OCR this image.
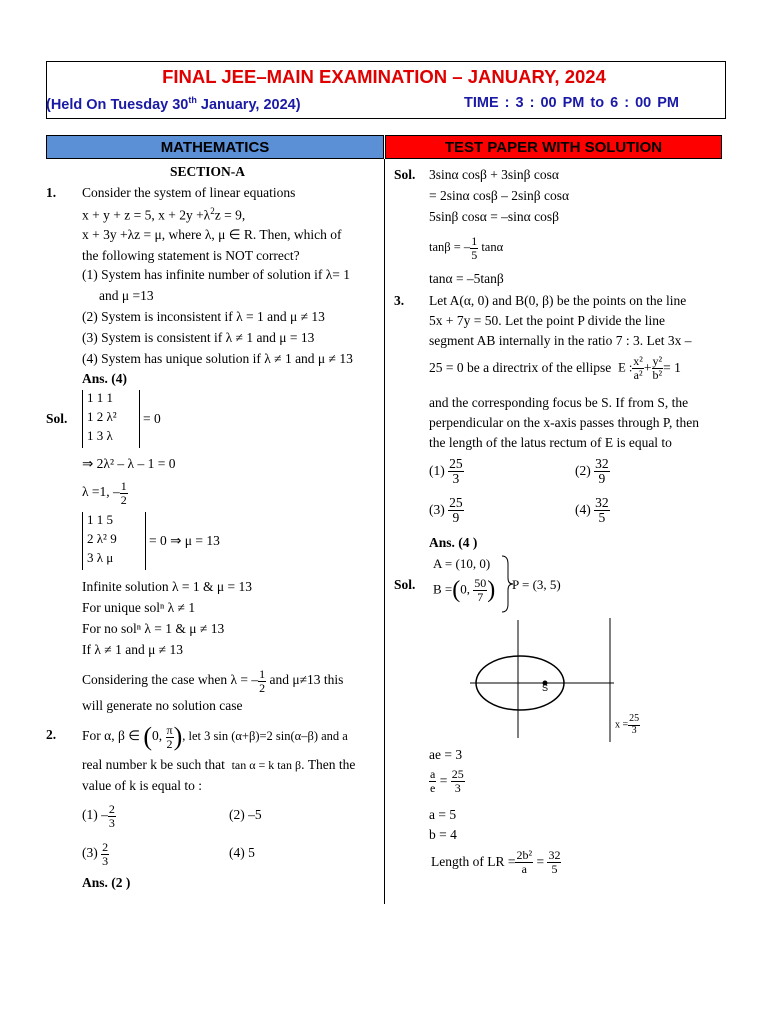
FINAL JEE–MAIN EXAMINATION – JANUARY, 2024
(Held On Tuesday 30th January, 2024)	TIME : 3 : 00 PM to 6 : 00 PM
MATHEMATICS	TEST PAPER WITH SOLUTION
SECTION-A
1. Consider the system of linear equations
x + y + z = 5, $x + 2y +\lambda^2z = 9$,
x + 3y +λz = μ, where λ, μ ∈ R. Then, which of
the following statement is NOT correct?
(1) System has infinite number of solution if λ= 1
and μ =13
(2) System is inconsistent if λ = 1 and μ ≠ 13
(3) System is consistent if λ ≠ 1 and μ = 13
(4) System has unique solution if λ ≠ 1 and μ ≠ 13
Ans. (4)
Sol.
1 1 1
1 2 λ²
1 3 λ
= 0
⇒ 2λ² – λ – 1 = 0
λ =1, – $\frac{1}{2}$
1 1 5
2 λ² 9
3 λ μ
= 0 ⇒ μ = 13
Infinite solution λ = 1 & μ = 13
For unique solⁿ λ ≠ 1
For no solⁿ λ = 1 & μ ≠ 13
If λ ≠ 1 and μ ≠ 13
Considering the case when λ = – $\frac{1}{2}$ and μ≠13 this
will generate no solution case
2. For α, β ∈ (0, $\frac{\pi}{2}$ ), let 3 sin (α+β)=2 sin(α–β) and a
real number k be such that tan α = k tan β. Then the
value of k is equal to :
$(1) - \frac{2}{3}$	(2) –5
$(3) \frac{2}{3}$	(4) 5
Ans. (2 )
Sol. 3sinα cosβ + 3sinβ cosα
= 2sinα cosβ – 2sinβ cosα
5sinβ cosα = –sinα cosβ
tanβ = – $\frac{1}{5}$ tanα
tanα = –5tanβ
3. Let A(α, 0) and B(0, β) be the points on the line
5x + 7y = 50. Let the point P divide the line
segment AB internally in the ratio 7 : 3. Let 3x –
25 = 0 be a directrix of the ellipse E : $\frac{\text{x²}}{\text{a²}} + \frac{\text{y²}}{\text{b²}} = 1$
and the corresponding focus be S. If from S, the
perpendicular on the x-axis passes through P, then
the length of the latus rectum of E is equal to
$(1) \frac{25}{3}$	$(2) \frac{32}{9}$
$(3) \frac{25}{9}$	$(4) \frac{32}{5}$
Ans. (4 )
Sol.
A = (10, 0)
B =(0, $\frac{50}{7}$ ) P = (3, 5)
S
$x = \frac{25}{3}$
ae = 3
$\frac{a}{e} = \frac{25}{3}$
a = 5
b = 4
Length of LR = $\frac{\text{2b²}}{a} = \frac{32}{5}$
